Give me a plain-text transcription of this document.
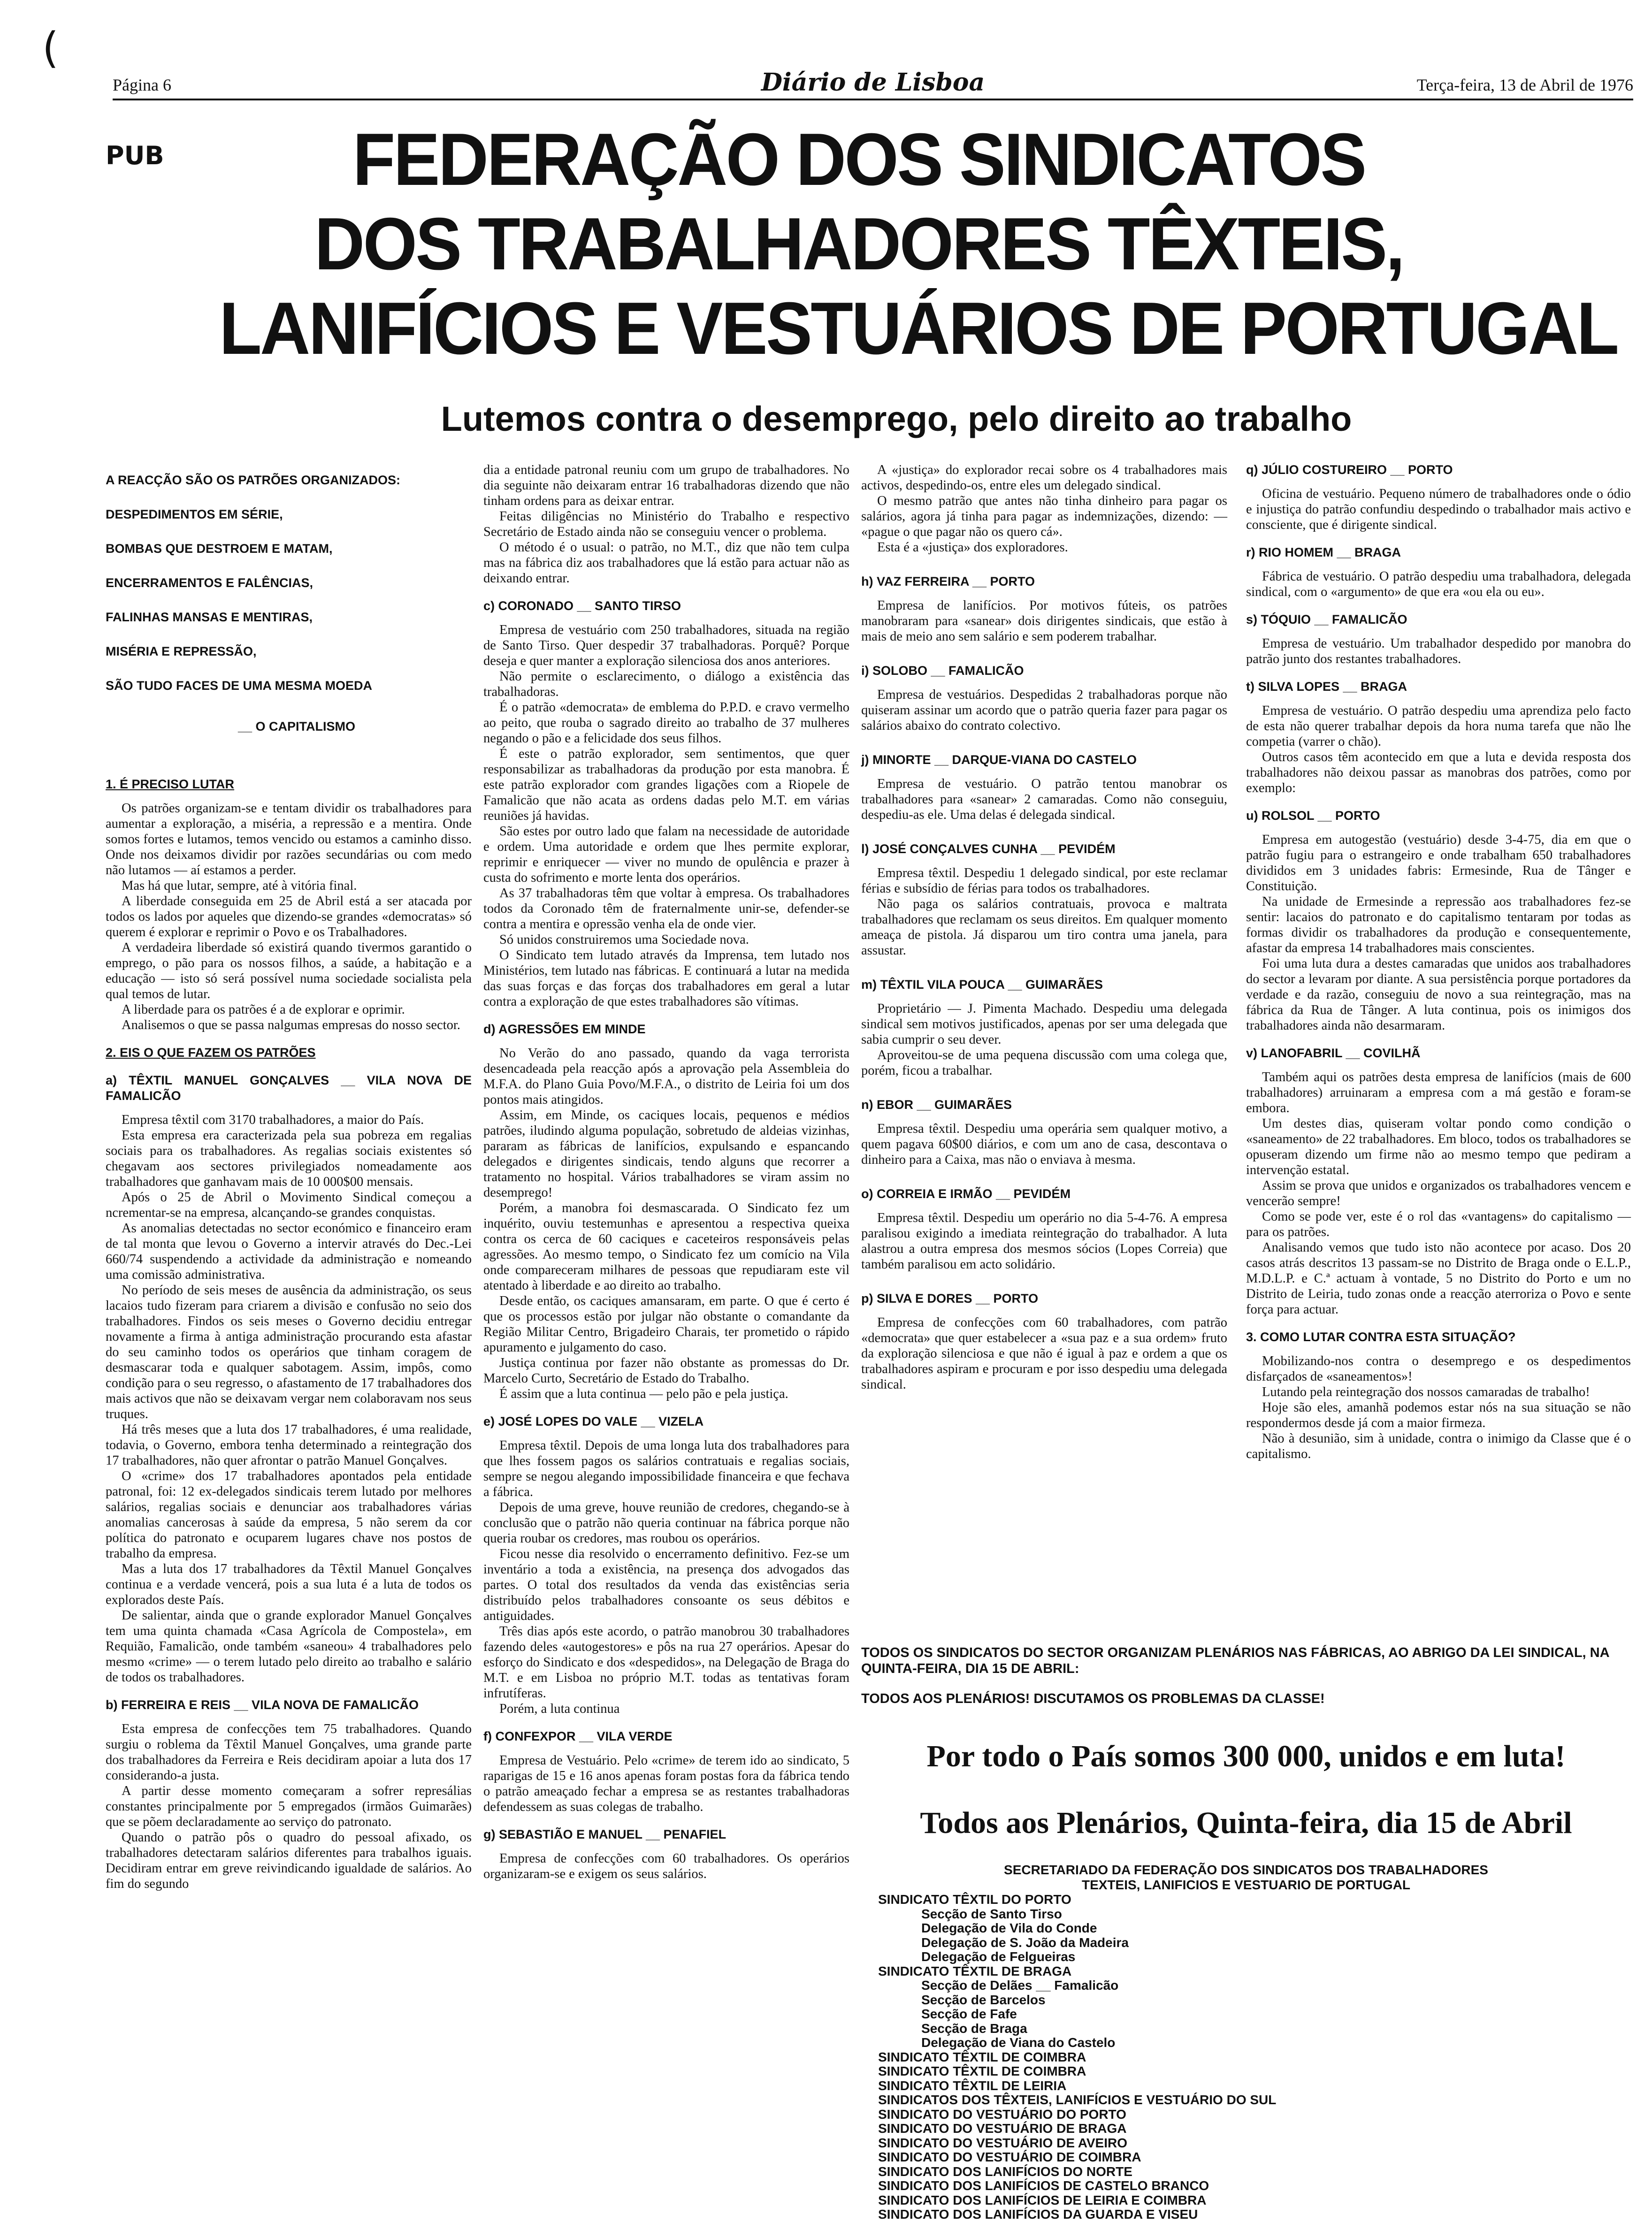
(
Página 6	Diário de Lisboa	Terça-feira, 13 de Abril de 1976
PUB	FEDERAÇÃO DOS SINDICATOS
DOS TRABALHADORES TÊXTEIS,
LANIFÍCIOS E VESTUÁRIOS DE PORTUGAL
Lutemos contra o desemprego, pelo direito ao trabalho

A REACÇÃO SÃO OS PATRÕES ORGANIZADOS:

DESPEDIMENTOS EM SÉRIE,

BOMBAS QUE DESTROEM E MATAM,

ENCERRAMENTOS E FALÊNCIAS,

FALINHAS MANSAS E MENTIRAS,

MISÉRIA E REPRESSÃO,

SÃO TUDO FACES DE UMA MESMA MOEDA

__ O CAPITALISMO

1. É PRECISO LUTAR

Os patrões organizam-se e tentam dividir os trabalhadores para aumentar a exploração, a miséria, a repressão e a mentira. Onde somos fortes e lutamos, temos vencido ou estamos a caminho disso. Onde nos deixamos dividir por razões secundárias ou com medo não lutamos — aí estamos a perder.

Mas há que lutar, sempre, até à vitória final.

A liberdade conseguida em 25 de Abril está a ser atacada por todos os lados por aqueles que dizendo-se grandes «democratas» só querem é explorar e reprimir o Povo e os Trabalhadores.

A verdadeira liberdade só existirá quando tivermos garantido o emprego, o pão para os nossos filhos, a saúde, a habitação e a educação — isto só será possível numa sociedade socialista pela qual temos de lutar.

A liberdade para os patrões é a de explorar e oprimir.

Analisemos o que se passa nalgumas empresas do nosso sector.

2. EIS O QUE FAZEM OS PATRÕES

a) TÊXTIL MANUEL GONÇALVES __ VILA NOVA DE FAMALICÃO

Empresa têxtil com 3170 trabalhadores, a maior do País.

Esta empresa era caracterizada pela sua pobreza em regalias sociais para os trabalhadores. As regalias sociais existentes só chegavam aos sectores privilegiados nomeadamente aos trabalhadores que ganhavam mais de 10 000$00 mensais.

Após o 25 de Abril o Movimento Sindical começou a ncrementar-se na empresa, alcançando-se grandes conquistas.

As anomalias detectadas no sector económico e financeiro eram de tal monta que levou o Governo a intervir através do Dec.-Lei 660/74 suspendendo a actividade da administração e nomeando uma comissão administrativa.

No período de seis meses de ausência da administração, os seus lacaios tudo fizeram para criarem a divisão e confusão no seio dos trabalhadores. Findos os seis meses o Governo decidiu entregar novamente a firma à antiga administração procurando esta afastar do seu caminho todos os operários que tinham coragem de desmascarar toda e qualquer sabotagem. Assim, impôs, como condição para o seu regresso, o afastamento de 17 trabalhadores dos mais activos que não se deixavam vergar nem colaboravam nos seus truques.

Há três meses que a luta dos 17 trabalhadores, é uma realidade, todavia, o Governo, embora tenha determinado a reintegração dos 17 trabalhadores, não quer afrontar o patrão Manuel Gonçalves.

O «crime» dos 17 trabalhadores apontados pela entidade patronal, foi: 12 ex-delegados sindicais terem lutado por melhores salários, regalias sociais e denunciar aos trabalhadores várias anomalias cancerosas à saúde da empresa, 5 não serem da cor política do patronato e ocuparem lugares chave nos postos de trabalho da empresa.

Mas a luta dos 17 trabalhadores da Têxtil Manuel Gonçalves continua e a verdade vencerá, pois a sua luta é a luta de todos os explorados deste País.

De salientar, ainda que o grande explorador Manuel Gonçalves tem uma quinta chamada «Casa Agrícola de Compostela», em Requião, Famalicão, onde também «saneou» 4 trabalhadores pelo mesmo «crime» — o terem lutado pelo direito ao trabalho e salário de todos os trabalhadores.

b) FERREIRA E REIS __ VILA NOVA DE FAMALICÃO

Esta empresa de confecções tem 75 trabalhadores. Quando surgiu o roblema da Têxtil Manuel Gonçalves, uma grande parte dos trabalhadores da Ferreira e Reis decidiram apoiar a luta dos 17 considerando-a justa.

A partir desse momento começaram a sofrer represálias constantes principalmente por 5 empregados (irmãos Guimarães) que se põem declaradamente ao serviço do patronato.

Quando o patrão pôs o quadro do pessoal afixado, os trabalhadores detectaram salários diferentes para trabalhos iguais. Decidiram entrar em greve reivindicando igualdade de salários. Ao fim do segundo

dia a entidade patronal reuniu com um grupo de trabalhadores. No dia seguinte não deixaram entrar 16 trabalhadoras dizendo que não tinham ordens para as deixar entrar.

Feitas diligências no Ministério do Trabalho e respectivo Secretário de Estado ainda não se conseguiu vencer o problema.

O método é o usual: o patrão, no M.T., diz que não tem culpa mas na fábrica diz aos trabalhadores que lá estão para actuar não as deixando entrar.

c) CORONADO __ SANTO TIRSO

Empresa de vestuário com 250 trabalhadores, situada na região de Santo Tirso. Quer despedir 37 trabalhadoras. Porquê? Porque deseja e quer manter a exploração silenciosa dos anos anteriores.

Não permite o esclarecimento, o diálogo a existência das trabalhadoras.

É o patrão «democrata» de emblema do P.P.D. e cravo vermelho ao peito, que rouba o sagrado direito ao trabalho de 37 mulheres negando o pão e a felicidade dos seus filhos.

É este o patrão explorador, sem sentimentos, que quer responsabilizar as trabalhadoras da produção por esta manobra. É este patrão explorador com grandes ligações com a Riopele de Famalicão que não acata as ordens dadas pelo M.T. em várias reuniões já havidas.

São estes por outro lado que falam na necessidade de autoridade e ordem. Uma autoridade e ordem que lhes permite explorar, reprimir e enriquecer — viver no mundo de opulência e prazer à custa do sofrimento e morte lenta dos operários.

As 37 trabalhadoras têm que voltar à empresa. Os trabalhadores todos da Coronado têm de fraternalmente unir-se, defender-se contra a mentira e opressão venha ela de onde vier.

Só unidos construiremos uma Sociedade nova.

O Sindicato tem lutado através da Imprensa, tem lutado nos Ministérios, tem lutado nas fábricas. E continuará a lutar na medida das suas forças e das forças dos trabalhadores em geral a lutar contra a exploração de que estes trabalhadores são vítimas.

d) AGRESSÕES EM MINDE

No Verão do ano passado, quando da vaga terrorista desencadeada pela reacção após a aprovação pela Assembleia do M.F.A. do Plano Guia Povo/M.F.A., o distrito de Leiria foi um dos pontos mais atingidos.

Assim, em Minde, os caciques locais, pequenos e médios patrões, iludindo alguma população, sobretudo de aldeias vizinhas, pararam as fábricas de lanifícios, expulsando e espancando delegados e dirigentes sindicais, tendo alguns que recorrer a tratamento no hospital. Vários trabalhadores se viram assim no desemprego!

Porém, a manobra foi desmascarada. O Sindicato fez um inquérito, ouviu testemunhas e apresentou a respectiva queixa contra os cerca de 60 caciques e caceteiros responsáveis pelas agressões. Ao mesmo tempo, o Sindicato fez um comício na Vila onde compareceram milhares de pessoas que repudiaram este vil atentado à liberdade e ao direito ao trabalho.

Desde então, os caciques amansaram, em parte. O que é certo é que os processos estão por julgar não obstante o comandante da Região Militar Centro, Brigadeiro Charais, ter prometido o rápido apuramento e julgamento do caso.

Justiça continua por fazer não obstante as promessas do Dr. Marcelo Curto, Secretário de Estado do Trabalho.

É assim que a luta continua — pelo pão e pela justiça.

e) JOSÉ LOPES DO VALE __ VIZELA

Empresa têxtil. Depois de uma longa luta dos trabalhadores para que lhes fossem pagos os salários contratuais e regalias sociais, sempre se negou alegando impossibilidade financeira e que fechava a fábrica.

Depois de uma greve, houve reunião de credores, chegando-se à conclusão que o patrão não queria continuar na fábrica porque não queria roubar os credores, mas roubou os operários.

Ficou nesse dia resolvido o encerramento definitivo. Fez-se um inventário a toda a existência, na presença dos advogados das partes. O total dos resultados da venda das existências seria distribuído pelos trabalhadores consoante os seus débitos e antiguidades.

Três dias após este acordo, o patrão manobrou 30 trabalhadores fazendo deles «autogestores» e pôs na rua 27 operários. Apesar do esforço do Sindicato e dos «despedidos», na Delegação de Braga do M.T. e em Lisboa no próprio M.T. todas as tentativas foram infrutíferas.

Porém, a luta continua

f) CONFEXPOR __ VILA VERDE

Empresa de Vestuário. Pelo «crime» de terem ido ao sindicato, 5 raparigas de 15 e 16 anos apenas foram postas fora da fábrica tendo o patrão ameaçado fechar a empresa se as restantes trabalhadoras defendessem as suas colegas de trabalho.

g) SEBASTIÃO E MANUEL __ PENAFIEL

Empresa de confecções com 60 trabalhadores. Os operários organizaram-se e exigem os seus salários.

A «justiça» do explorador recai sobre os 4 trabalhadores mais activos, despedindo-os, entre eles um delegado sindical.

O mesmo patrão que antes não tinha dinheiro para pagar os salários, agora já tinha para pagar as indemnizações, dizendo: — «pague o que pagar não os quero cá».

Esta é a «justiça» dos exploradores.

h) VAZ FERREIRA __ PORTO

Empresa de lanifícios. Por motivos fúteis, os patrões manobraram para «sanear» dois dirigentes sindicais, que estão à mais de meio ano sem salário e sem poderem trabalhar.

i) SOLOBO __ FAMALICÃO

Empresa de vestuários. Despedidas 2 trabalhadoras porque não quiseram assinar um acordo que o patrão queria fazer para pagar os salários abaixo do contrato colectivo.

j) MINORTE __ DARQUE-VIANA DO CASTELO

Empresa de vestuário. O patrão tentou manobrar os trabalhadores para «sanear» 2 camaradas. Como não conseguiu, despediu-as ele. Uma delas é delegada sindical.

l) JOSÉ CONÇALVES CUNHA __ PEVIDÉM

Empresa têxtil. Despediu 1 delegado sindical, por este reclamar férias e subsídio de férias para todos os trabalhadores.

Não paga os salários contratuais, provoca e maltrata trabalhadores que reclamam os seus direitos. Em qualquer momento ameaça de pistola. Já disparou um tiro contra uma janela, para assustar.

m) TÊXTIL VILA POUCA __ GUIMARÃES

Proprietário — J. Pimenta Machado. Despediu uma delegada sindical sem motivos justificados, apenas por ser uma delegada que sabia cumprir o seu dever.

Aproveitou-se de uma pequena discussão com uma colega que, porém, ficou a trabalhar.

n) EBOR __ GUIMARÃES

Empresa têxtil. Despediu uma operária sem qualquer motivo, a quem pagava 60$00 diários, e com um ano de casa, descontava o dinheiro para a Caixa, mas não o enviava à mesma.

o) CORREIA E IRMÃO __ PEVIDÉM

Empresa têxtil. Despediu um operário no dia 5-4-76. A empresa paralisou exigindo a imediata reintegração do trabalhador. A luta alastrou a outra empresa dos mesmos sócios (Lopes Correia) que também paralisou em acto solidário.

p) SILVA E DORES __ PORTO

Empresa de confecções com 60 trabalhadores, com patrão «democrata» que quer estabelecer a «sua paz e a sua ordem» fruto da exploração silenciosa e que não é igual à paz e ordem a que os trabalhadores aspiram e procuram e por isso despediu uma delegada sindical.

q) JÚLIO COSTUREIRO __ PORTO

Oficina de vestuário. Pequeno número de trabalhadores onde o ódio e injustiça do patrão confundiu despedindo o trabalhador mais activo e consciente, que é dirigente sindical.

r) RIO HOMEM __ BRAGA

Fábrica de vestuário. O patrão despediu uma trabalhadora, delegada sindical, com o «argumento» de que era «ou ela ou eu».

s) TÓQUIO __ FAMALICÃO

Empresa de vestuário. Um trabalhador despedido por manobra do patrão junto dos restantes trabalhadores.

t) SILVA LOPES __ BRAGA

Empresa de vestuário. O patrão despediu uma aprendiza pelo facto de esta não querer trabalhar depois da hora numa tarefa que não lhe competia (varrer o chão).

Outros casos têm acontecido em que a luta e devida resposta dos trabalhadores não deixou passar as manobras dos patrões, como por exemplo:

u) ROLSOL __ PORTO

Empresa em autogestão (vestuário) desde 3-4-75, dia em que o patrão fugiu para o estrangeiro e onde trabalham 650 trabalhadores divididos em 3 unidades fabris: Ermesinde, Rua de Tânger e Constituição.

Na unidade de Ermesinde a repressão aos trabalhadores fez-se sentir: lacaios do patronato e do capitalismo tentaram por todas as formas dividir os trabalhadores da produção e consequentemente, afastar da empresa 14 trabalhadores mais conscientes.

Foi uma luta dura a destes camaradas que unidos aos trabalhadores do sector a levaram por diante. A sua persistência porque portadores da verdade e da razão, conseguiu de novo a sua reintegração, mas na fábrica da Rua de Tânger. A luta continua, pois os inimigos dos trabalhadores ainda não desarmaram.

v) LANOFABRIL __ COVILHÃ

Também aqui os patrões desta empresa de lanifícios (mais de 600 trabalhadores) arruinaram a empresa com a má gestão e foram-se embora.

Um destes dias, quiseram voltar pondo como condição o «saneamento» de 22 trabalhadores. Em bloco, todos os trabalhadores se opuseram dizendo um firme não ao mesmo tempo que pediram a intervenção estatal.

Assim se prova que unidos e organizados os trabalhadores vencem e vencerão sempre!

Como se pode ver, este é o rol das «vantagens» do capitalismo — para os patrões.

Analisando vemos que tudo isto não acontece por acaso. Dos 20 casos atrás descritos 13 passam-se no Distrito de Braga onde o E.L.P., M.D.L.P. e C.ª actuam à vontade, 5 no Distrito do Porto e um no Distrito de Leiria, tudo zonas onde a reacção aterroriza o Povo e sente força para actuar.

3. COMO LUTAR CONTRA ESTA SITUAÇÃO?

Mobilizando-nos contra o desemprego e os despedimentos disfarçados de «saneamentos»!

Lutando pela reintegração dos nossos camaradas de trabalho!

Hoje são eles, amanhã podemos estar nós na sua situação se não respondermos desde já com a maior firmeza.

Não à desunião, sim à unidade, contra o inimigo da Classe que é o capitalismo.

TODOS OS SINDICATOS DO SECTOR ORGANIZAM PLENÁRIOS NAS FÁBRICAS, AO ABRIGO DA LEI SINDICAL, NA QUINTA-FEIRA, DIA 15 DE ABRIL:
TODOS AOS PLENÁRIOS! DISCUTAMOS OS PROBLEMAS DA CLASSE!
Por todo o País somos 300 000, unidos e em luta!
Todos aos Plenários, Quinta-feira, dia 15 de Abril
SECRETARIADO DA FEDERAÇÃO DOS SINDICATOS DOS TRABALHADORES
TEXTEIS, LANIFICIOS E VESTUARIO DE PORTUGAL
SINDICATO TÊXTIL DO PORTO
Secção de Santo Tirso
Delegação de Vila do Conde
Delegação de S. João da Madeira
Delegação de Felgueiras
SINDICATO TÊXTIL DE BRAGA
Secção de Delães __ Famalicão
Secção de Barcelos
Secção de Fafe
Secção de Braga
Delegação de Viana do Castelo
SINDICATO TÊXTIL DE COIMBRA
SINDICATO TÊXTIL DE COIMBRA
SINDICATO TÊXTIL DE LEIRIA
SINDICATOS DOS TÊXTEIS, LANIFÍCIOS E VESTUÁRIO DO SUL
SINDICATO DO VESTUÁRIO DO PORTO
SINDICATO DO VESTUÁRIO DE BRAGA
SINDICATO DO VESTUÁRIO DE AVEIRO
SINDICATO DO VESTUÁRIO DE COIMBRA
SINDICATO DOS LANIFÍCIOS DO NORTE
SINDICATO DOS LANIFÍCIOS DE CASTELO BRANCO
SINDICATO DOS LANIFÍCIOS DE LEIRIA E COIMBRA
SINDICATO DOS LANIFÍCIOS DA GUARDA E VISEU
